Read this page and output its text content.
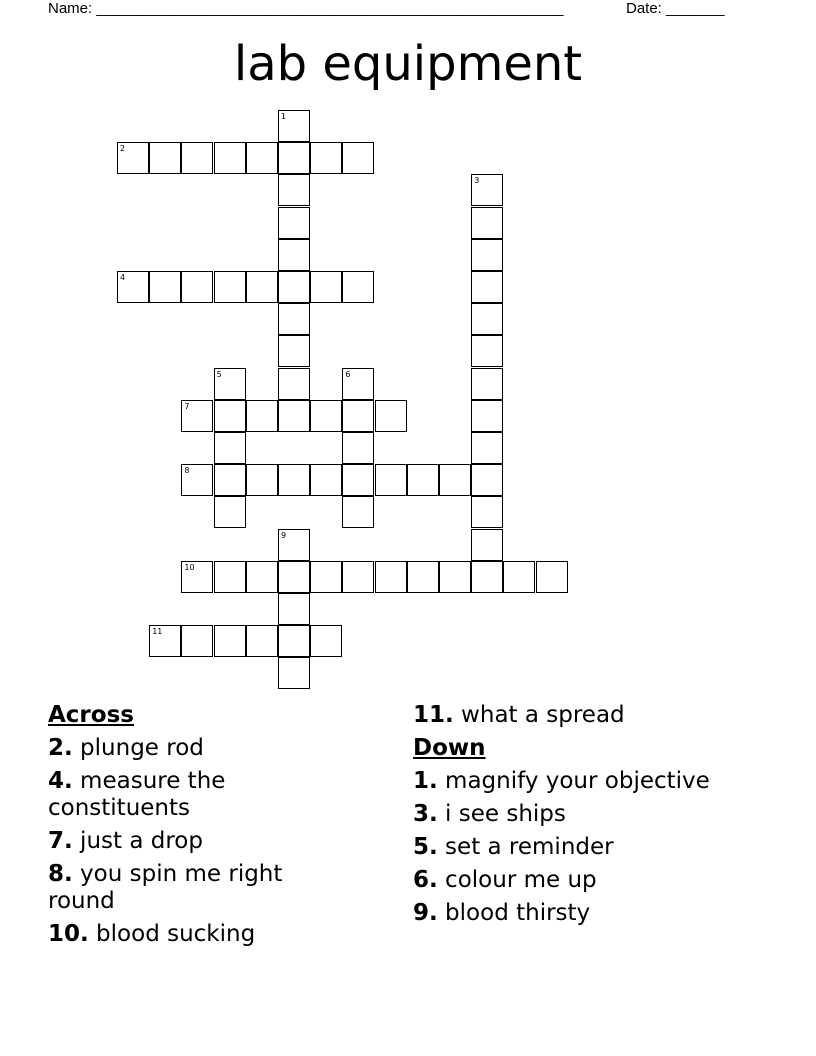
Name: ________________________________________________________	Date: _______
lab equipment
1
2
3
4
5	6
7
8
9
10
11
Across
2. plunge rod
4. measure the constituents
7. just a drop
8. you spin me right round
10. blood sucking
11. what a spread
Down
1. magnify your objective
3. i see ships
5. set a reminder
6. colour me up
9. blood thirsty
